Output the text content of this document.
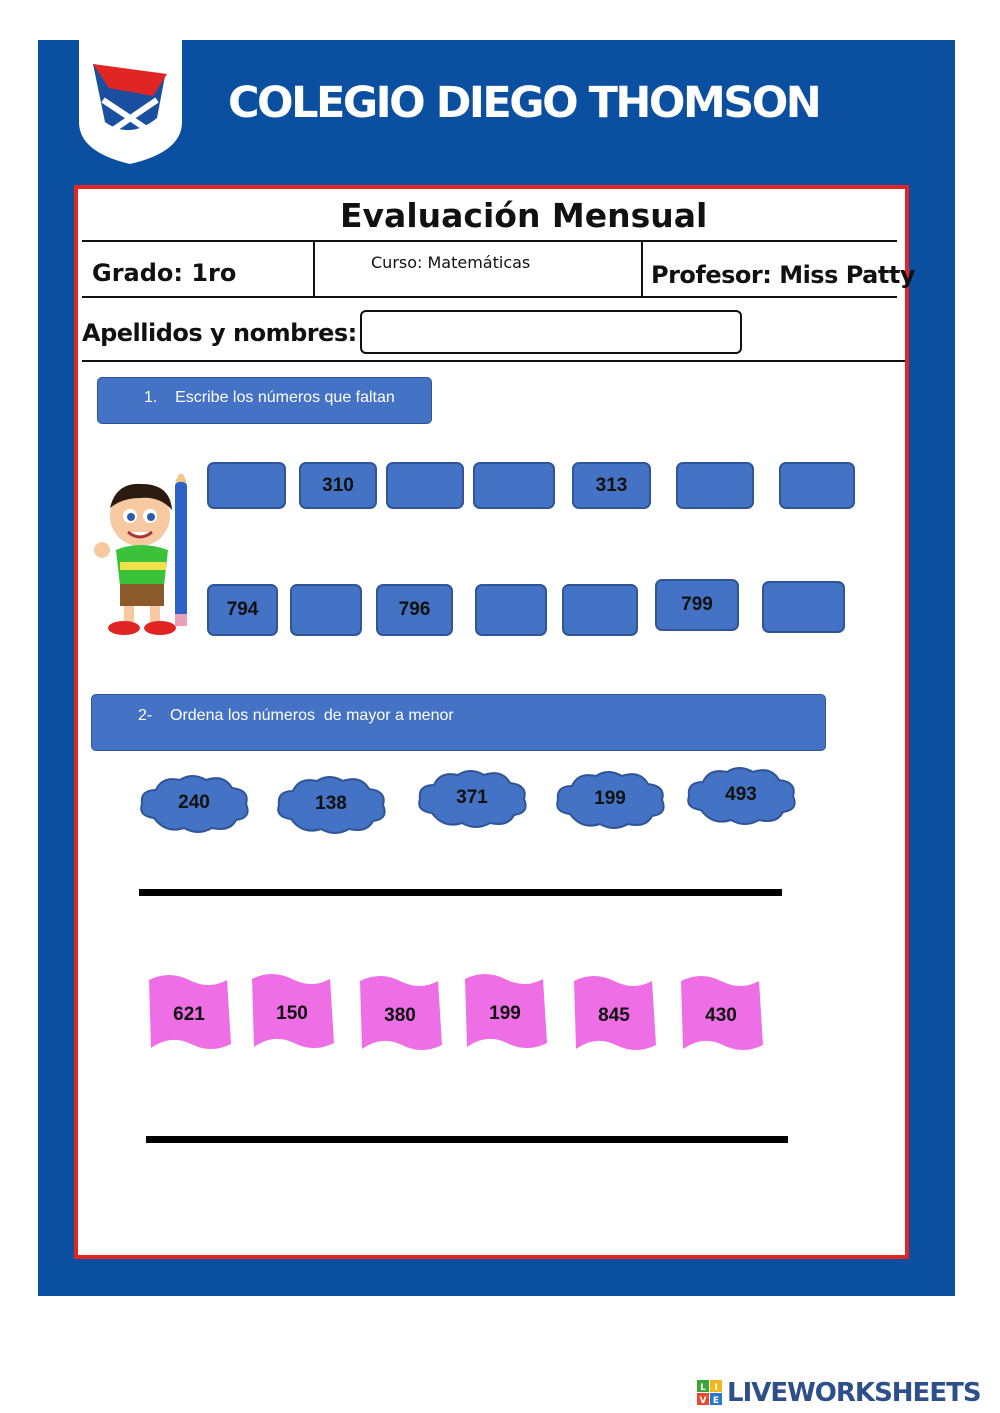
COLEGIO DIEGO THOMSON
Evaluación Mensual
Grado: 1ro	Curso: Matemáticas	Profesor: Miss Patty
Apellidos y nombres:
1.    Escribe los números que faltan
310	313
794	796	799
2-    Ordena los números  de mayor a menor
240	138	371	199	493
621	150	380	199	845	430
L I
V E LIVEWORKSHEETS
